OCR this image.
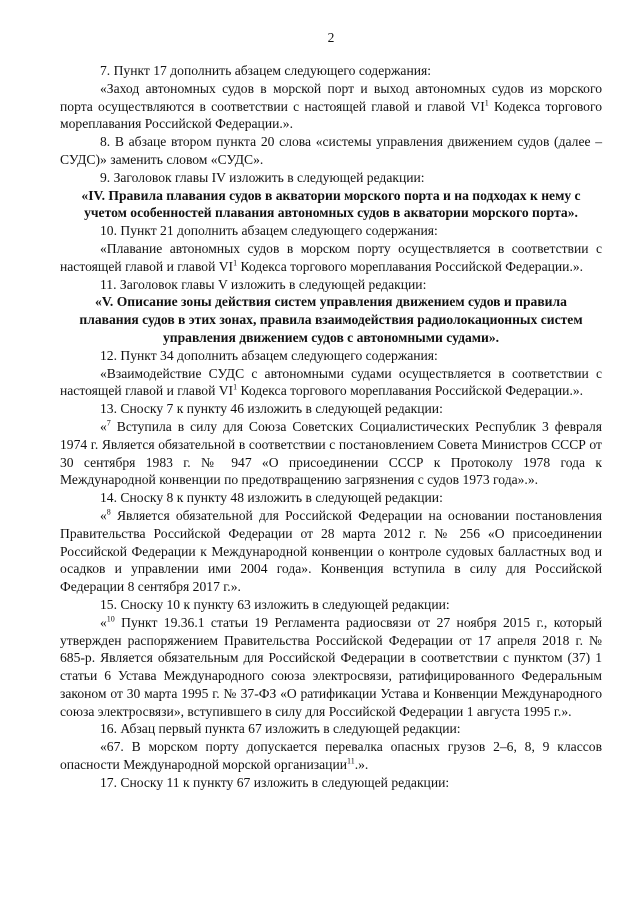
2

7. Пункт 17 дополнить абзацем следующего содержания:

«Заход автономных судов в морской порт и выход автономных судов из морского порта осуществляются в соответствии с настоящей главой и главой $VI^1$ Кодекса торгового мореплавания Российской Федерации.».

8. В абзаце втором пункта 20 слова «системы управления движением судов (далее – СУДС)» заменить словом «СУДС».

9. Заголовок главы IV изложить в следующей редакции:

«IV. Правила плавания судов в акватории морского порта и на подходах к нему с учетом особенностей плавания автономных судов в акватории морского порта».

10. Пункт 21 дополнить абзацем следующего содержания:

«Плавание автономных судов в морском порту осуществляется в соответствии с настоящей главой и главой $VI^1$ Кодекса торгового мореплавания Российской Федерации.».

11. Заголовок главы V изложить в следующей редакции:

«V. Описание зоны действия систем управления движением судов и правила плавания судов в этих зонах, правила взаимодействия радиолокационных систем управления движением судов с автономными судами».

12. Пункт 34 дополнить абзацем следующего содержания:

«Взаимодействие СУДС с автономными судами осуществляется в соответствии с настоящей главой и главой $VI^1$ Кодекса торгового мореплавания Российской Федерации.».

13. Сноску 7 к пункту 46 изложить в следующей редакции:

«$^7$ Вступила в силу для Союза Советских Социалистических Республик 3 февраля 1974 г. Является обязательной в соответствии с постановлением Совета Министров СССР от 30 сентября 1983 г. № 947 «О присоединении СССР к Протоколу 1978 года к Международной конвенции по предотвращению загрязнения с судов 1973 года».».

14. Сноску 8 к пункту 48 изложить в следующей редакции:

«$^8$ Является обязательной для Российской Федерации на основании постановления Правительства Российской Федерации от 28 марта 2012 г. № 256 «О присоединении Российской Федерации к Международной конвенции о контроле судовых балластных вод и осадков и управлении ими 2004 года». Конвенция вступила в силу для Российской Федерации 8 сентября 2017 г.».

15. Сноску 10 к пункту 63 изложить в следующей редакции:

«$^{10}$ Пункт 19.36.1 статьи 19 Регламента радиосвязи от 27 ноября 2015 г., который утвержден распоряжением Правительства Российской Федерации от 17 апреля 2018 г. № 685-р. Является обязательным для Российской Федерации в соответствии с пунктом (37) 1 статьи 6 Устава Международного союза электросвязи, ратифицированного Федеральным законом от 30 марта 1995 г. № 37-ФЗ «О ратификации Устава и Конвенции Международного союза электросвязи», вступившего в силу для Российской Федерации 1 августа 1995 г.».

16. Абзац первый пункта 67 изложить в следующей редакции:

«67. В морском порту допускается перевалка опасных грузов 2–6, 8, 9 классов опасности Международной морской организации$^{11}$.».

17. Сноску 11 к пункту 67 изложить в следующей редакции:
